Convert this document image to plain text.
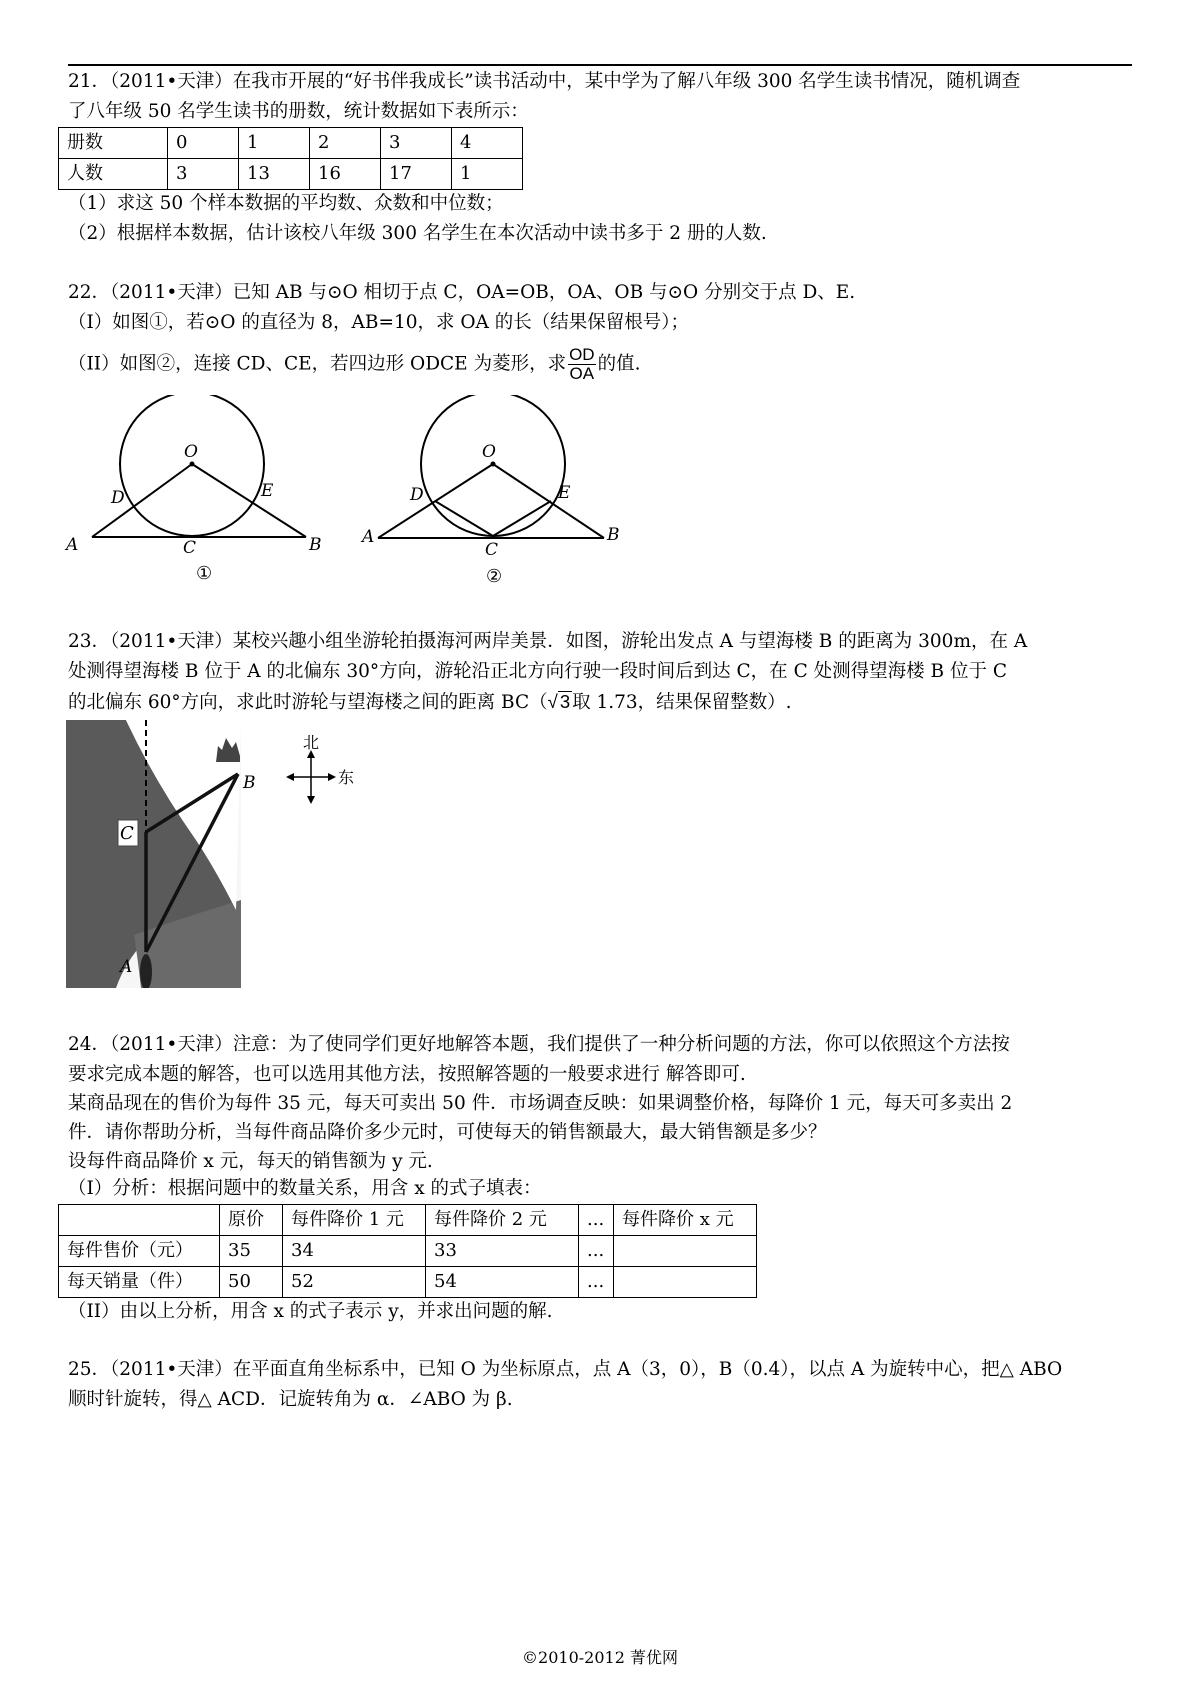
21．（2011•天津）在我市开展的“好书伴我成长”读书活动中，某中学为了解八年级 300 名学生读书情况，随机调查
了八年级 50 名学生读书的册数，统计数据如下表所示：
册数	0	1	2	3	4
人数	3	13	16	17	1
（1）求这 50 个样本数据的平均数、众数和中位数；
（2）根据样本数据，估计该校八年级 300 名学生在本次活动中读书多于 2 册的人数.
22．（2011•天津）已知 AB 与⊙O 相切于点 C，OA=OB，OA、OB 与⊙O 分别交于点 D、E.
（I）如图①，若⊙O 的直径为 8，AB=10，求 OA 的长（结果保留根号）；
（II）如图②，连接 CD、CE，若四边形 ODCE 为菱形，求 $\frac{OD}{OA}$ 的值.
O
D	E
A	C	B
①
O
D	E
A
C
B
②
23．（2011•天津）某校兴趣小组坐游轮拍摄海河两岸美景．如图，游轮出发点 A 与望海楼 B 的距离为 300m，在 A
处测得望海楼 B 位于 A 的北偏东 30°方向，游轮沿正北方向行驶一段时间后到达 C，在 C 处测得望海楼 B 位于 C
的北偏东 60°方向，求此时游轮与望海楼之间的距离 BC（√ 3 取 1.73，结果保留整数）.
C
A
B
北
东
24．（2011•天津）注意：为了使同学们更好地解答本题，我们提供了一种分析问题的方法，你可以依照这个方法按
要求完成本题的解答，也可以选用其他方法，按照解答题的一般要求进行 解答即可.
某商品现在的售价为每件 35 元，每天可卖出 50 件．市场调查反映：如果调整价格，每降价 1 元，每天可多卖出 2
件．请你帮助分析，当每件商品降价多少元时，可使每天的销售额最大，最大销售额是多少？
设每件商品降价 x 元，每天的销售额为 y 元.
（I）分析：根据问题中的数量关系，用含 x 的式子填表：
	原价	每件降价 1 元	每件降价 2 元	...	每件降价 x 元
每件售价（元）	35	34	33	...	
每天销量（件）	50	52	54	...	
（II）由以上分析，用含 x 的式子表示 y，并求出问题的解.
25．（2011•天津）在平面直角坐标系中，已知 O 为坐标原点，点 A（3，0），B（0.4），以点 A 为旋转中心，把△ ABO
顺时针旋转，得△ ACD．记旋转角为 α．∠ABO 为 β.
©2010-2012 菁优网
